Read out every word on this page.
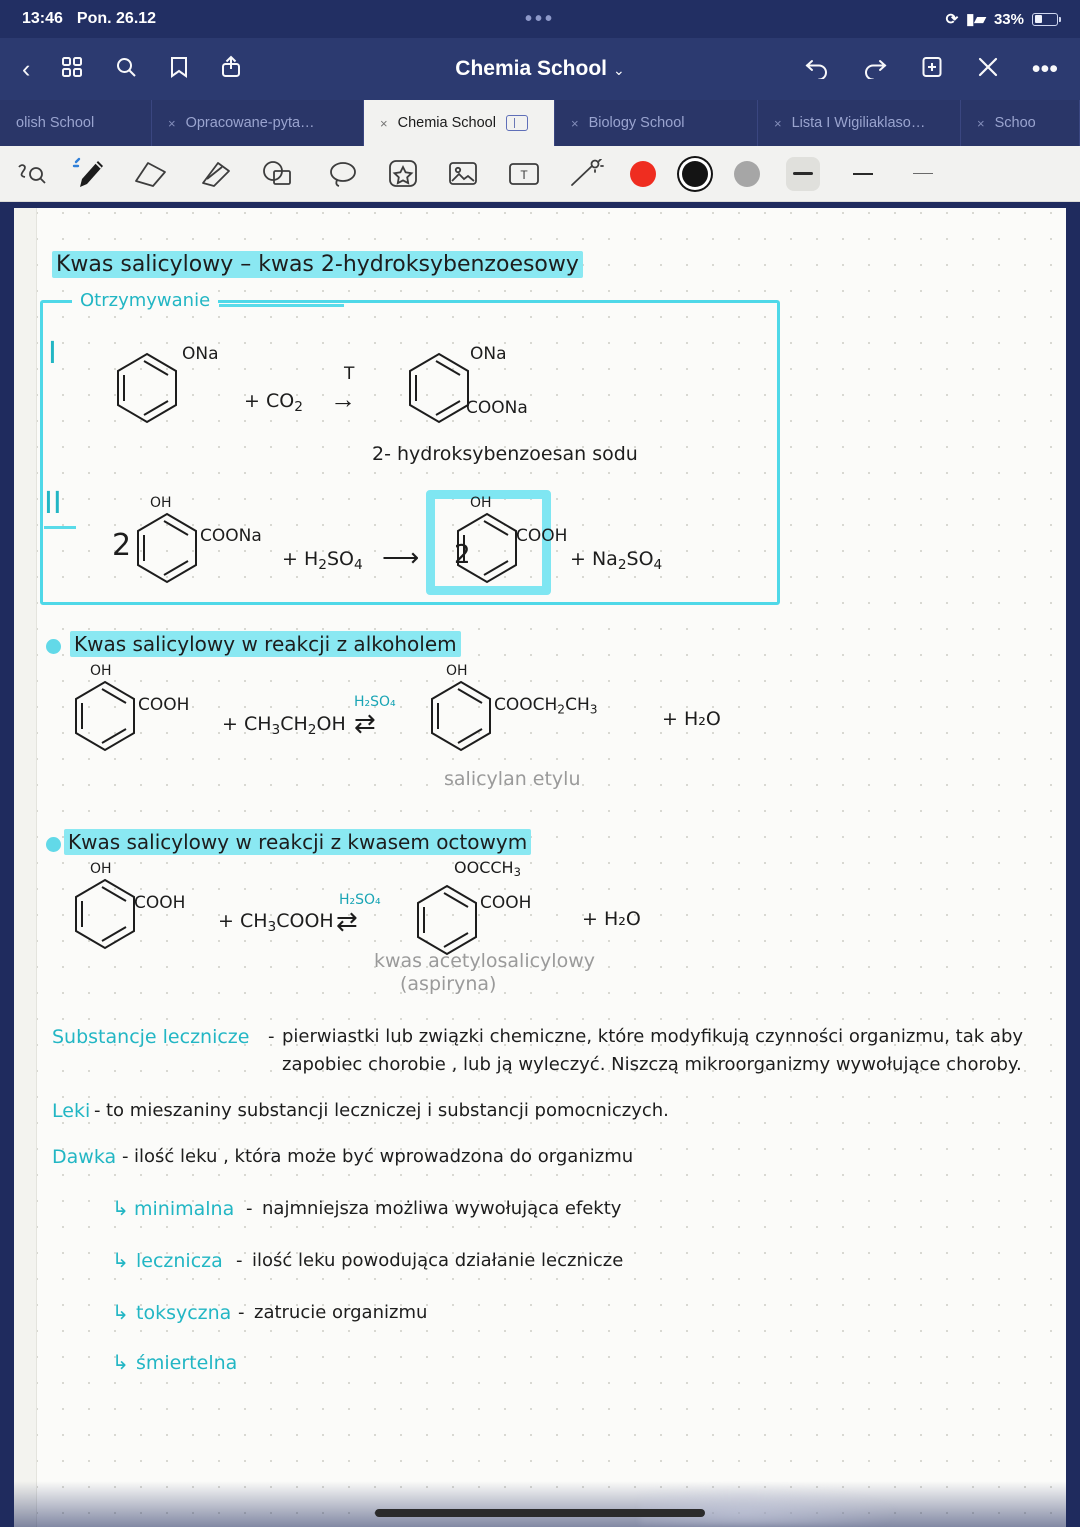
13:46 Pon. 26.12	•••	⟳ ▮▰ 33%
‹	Chemia School ⌄	•••
olish School	× Opracowane-pyta…	× Chemia School	× Biology School	× Lista I Wigiliaklaso…	× Schoo
T
Kwas salicylowy – kwas 2-hydroksybenzoesowy
Otrzymywanie
I	ONa
+ $CO_2$
T
→
ONa
COONa
2- hydroksybenzoesan sodu
II
2
OH
COONa
+ $H_2SO_4$ ⟶ 2
OH
COOH
+ $Na_2SO_4$
Kwas salicylowy w reakcji z alkoholem
OH
COOH
+ $CH_3CH_2OH$
H₂SO₄
⇄
OH
$COOCH_2CH_3$	+ H₂O
salicylan etylu
Kwas salicylowy w reakcji z kwasem octowym
OH
COOH
+ $CH_3COOH$
H₂SO₄
⇄
$OOCCH_3$
COOH
+ H₂O
kwas acetylosalicylowy
(aspiryna)
Substancje lecznicze - pierwiastki lub związki chemiczne, które modyfikują czynności organizmu, tak aby
zapobiec chorobie , lub ją wyleczyć. Niszczą mikroorganizmy wywołujące choroby.
Leki - to mieszaniny substancji leczniczej i substancji pomocniczych.
Dawka - ilość leku , która może być wprowadzona do organizmu
↳ minimalna - najmniejsza możliwa wywołująca efekty
↳ lecznicza - ilość leku powodująca działanie lecznicze
↳ toksyczna - zatrucie organizmu
↳ śmiertelna
